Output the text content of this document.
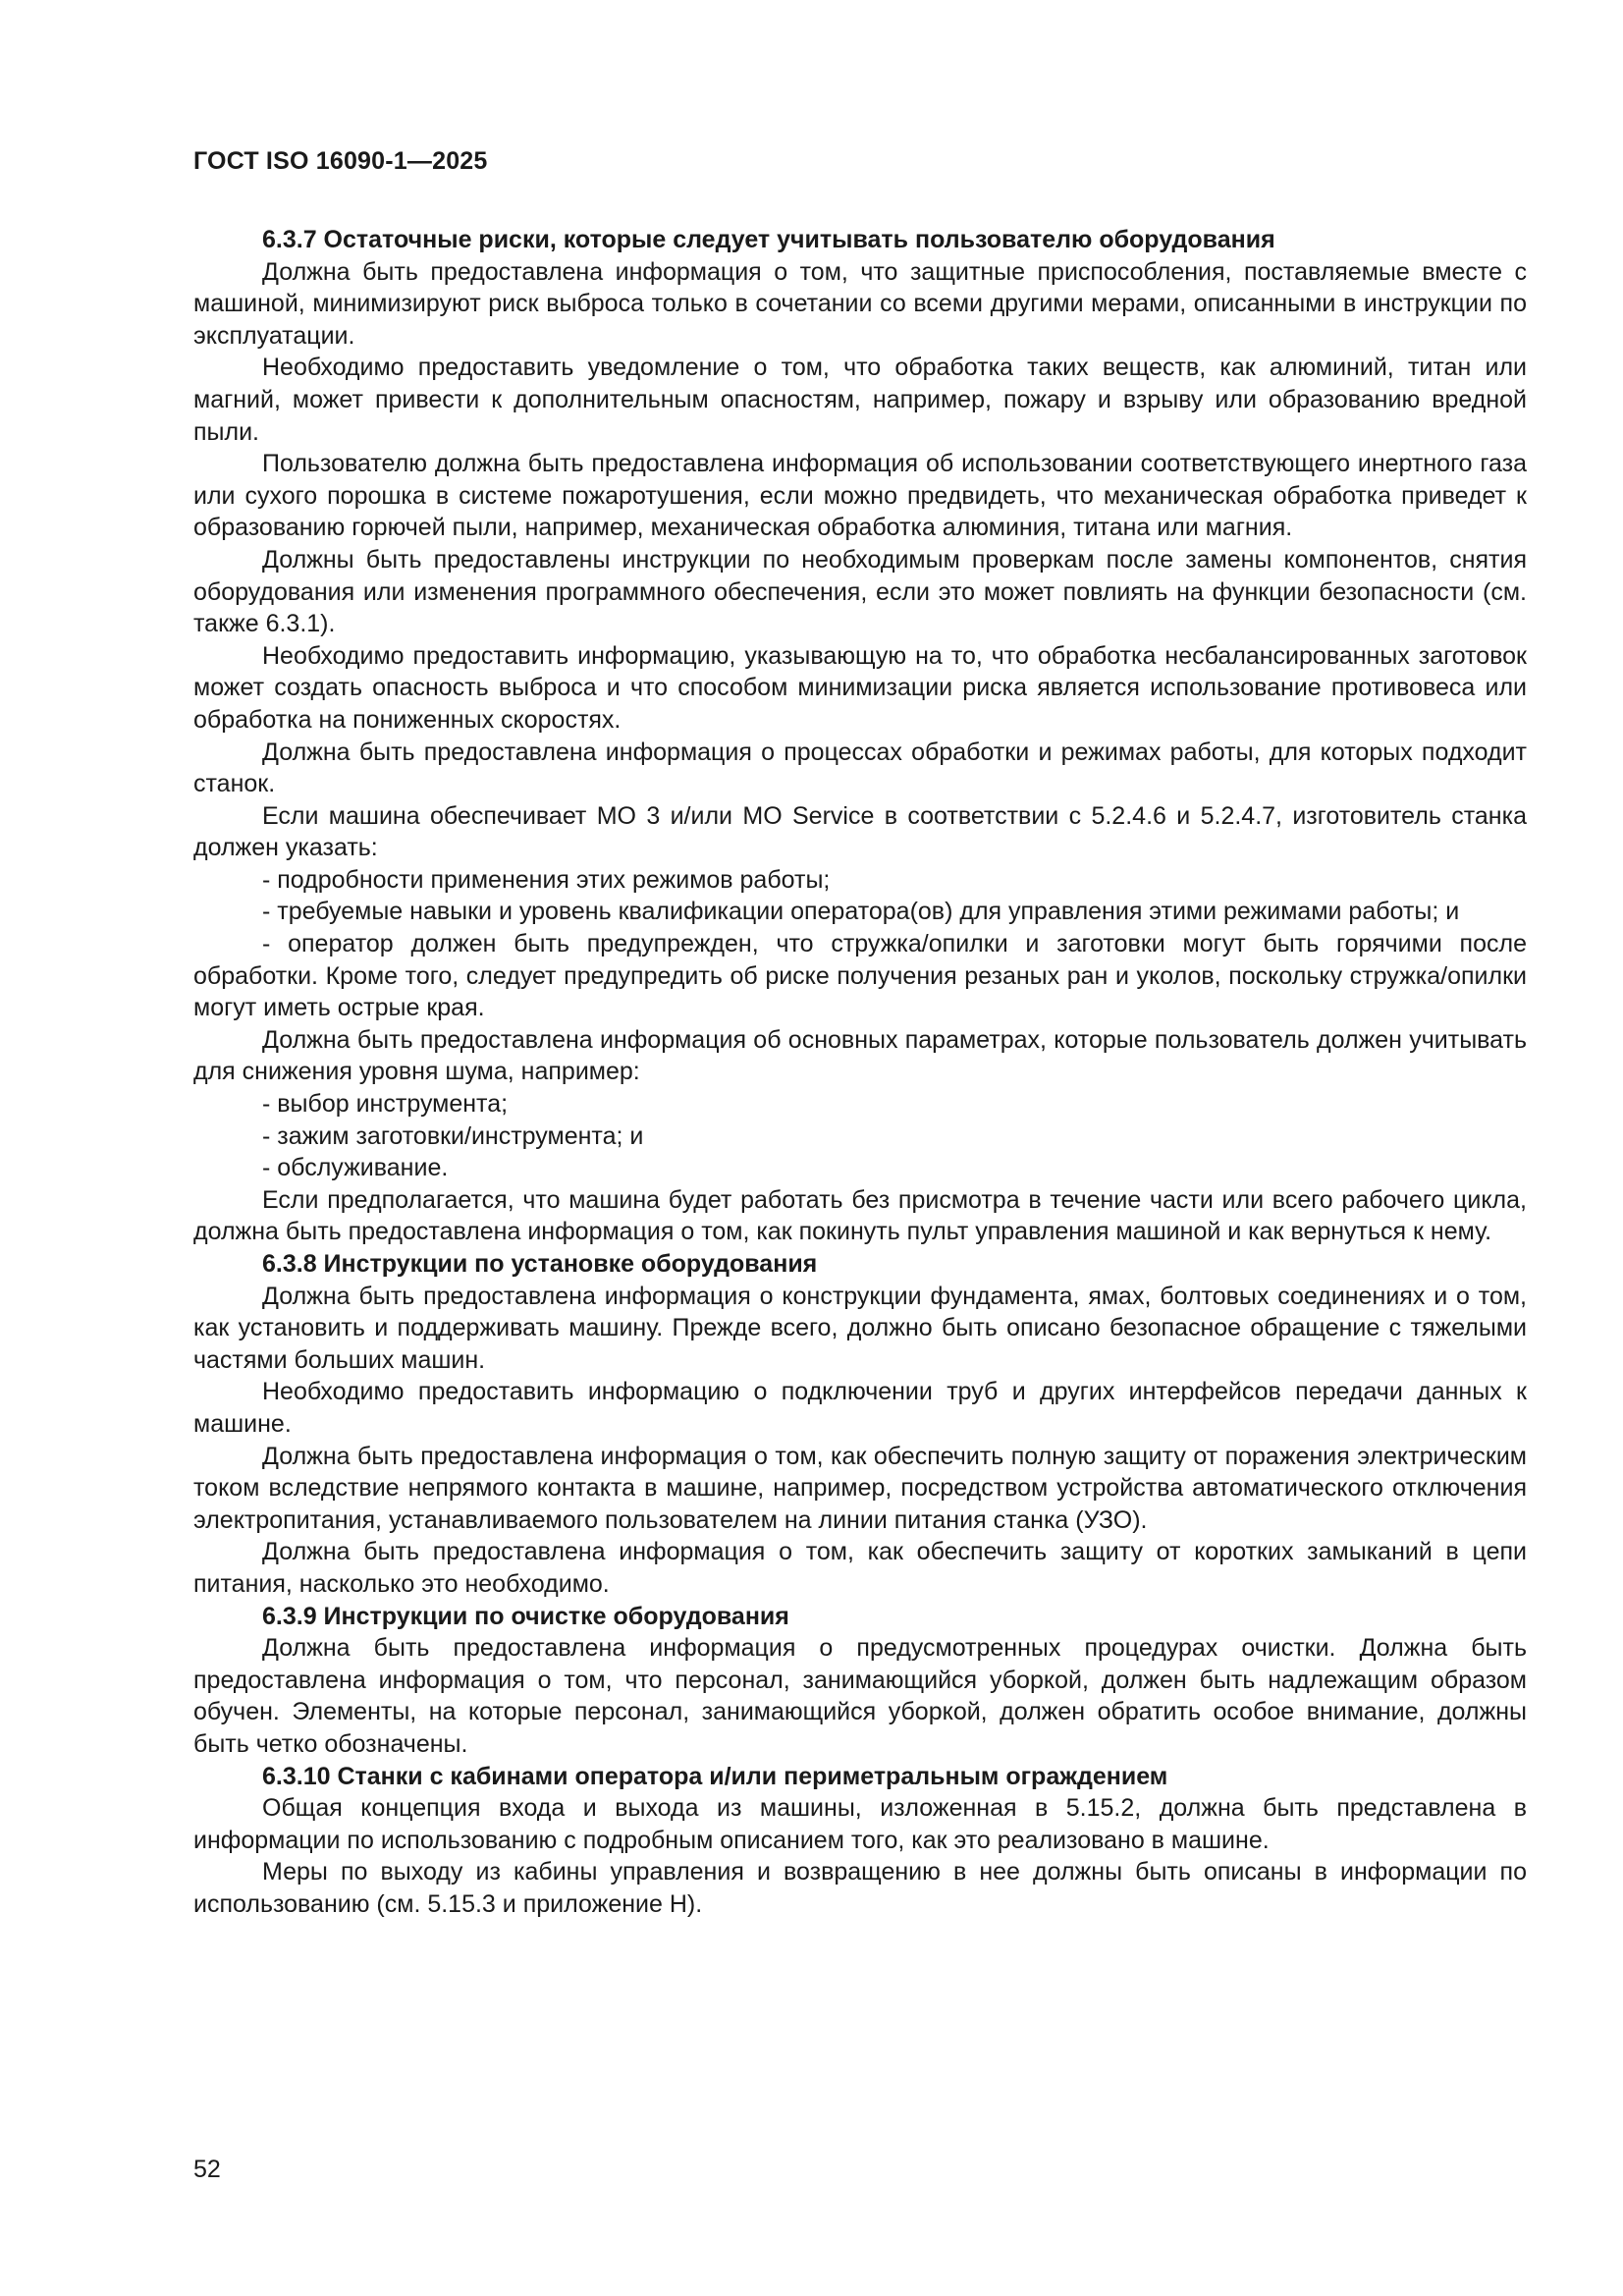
ГОСТ ISO 16090-1—2025

6.3.7 Остаточные риски, которые следует учитывать пользователю оборудования

Должна быть предоставлена информация о том, что защитные приспособления, поставляемые вместе с машиной, минимизируют риск выброса только в сочетании со всеми другими мерами, описанными в инструкции по эксплуатации.

Необходимо предоставить уведомление о том, что обработка таких веществ, как алюминий, титан или магний, может привести к дополнительным опасностям, например, пожару и взрыву или образованию вредной пыли.

Пользователю должна быть предоставлена информация об использовании соответствующего инертного газа или сухого порошка в системе пожаротушения, если можно предвидеть, что механическая обработка приведет к образованию горючей пыли, например, механическая обработка алюминия, титана или магния.

Должны быть предоставлены инструкции по необходимым проверкам после замены компонентов, снятия оборудования или изменения программного обеспечения, если это может повлиять на функции безопасности (см. также 6.3.1).

Необходимо предоставить информацию, указывающую на то, что обработка несбалансированных заготовок может создать опасность выброса и что способом минимизации риска является использование противовеса или обработка на пониженных скоростях.

Должна быть предоставлена информация о процессах обработки и режимах работы, для которых подходит станок.

Если машина обеспечивает МО 3 и/или МО Service в соответствии с 5.2.4.6 и 5.2.4.7, изготовитель станка должен указать:

- подробности применения этих режимов работы;

- требуемые навыки и уровень квалификации оператора(ов) для управления этими режимами работы; и

- оператор должен быть предупрежден, что стружка/опилки и заготовки могут быть горячими после обработки. Кроме того, следует предупредить об риске получения резаных ран и уколов, поскольку стружка/опилки могут иметь острые края.

Должна быть предоставлена информация об основных параметрах, которые пользователь должен учитывать для снижения уровня шума, например:

- выбор инструмента;

- зажим заготовки/инструмента; и

- обслуживание.

Если предполагается, что машина будет работать без присмотра в течение части или всего рабочего цикла, должна быть предоставлена информация о том, как покинуть пульт управления машиной и как вернуться к нему.

6.3.8 Инструкции по установке оборудования

Должна быть предоставлена информация о конструкции фундамента, ямах, болтовых соединениях и о том, как установить и поддерживать машину. Прежде всего, должно быть описано безопасное обращение с тяжелыми частями больших машин.

Необходимо предоставить информацию о подключении труб и других интерфейсов передачи данных к машине.

Должна быть предоставлена информация о том, как обеспечить полную защиту от поражения электрическим током вследствие непрямого контакта в машине, например, посредством устройства автоматического отключения электропитания, устанавливаемого пользователем на линии питания станка (УЗО).

Должна быть предоставлена информация о том, как обеспечить защиту от коротких замыканий в цепи питания, насколько это необходимо.

6.3.9 Инструкции по очистке оборудования

Должна быть предоставлена информация о предусмотренных процедурах очистки. Должна быть предоставлена информация о том, что персонал, занимающийся уборкой, должен быть надлежащим образом обучен. Элементы, на которые персонал, занимающийся уборкой, должен обратить особое внимание, должны быть четко обозначены.

6.3.10 Станки с кабинами оператора и/или периметральным ограждением

Общая концепция входа и выхода из машины, изложенная в 5.15.2, должна быть представлена в информации по использованию с подробным описанием того, как это реализовано в машине.

Меры по выходу из кабины управления и возвращению в нее должны быть описаны в информации по использованию (см. 5.15.3 и приложение Н).

52
